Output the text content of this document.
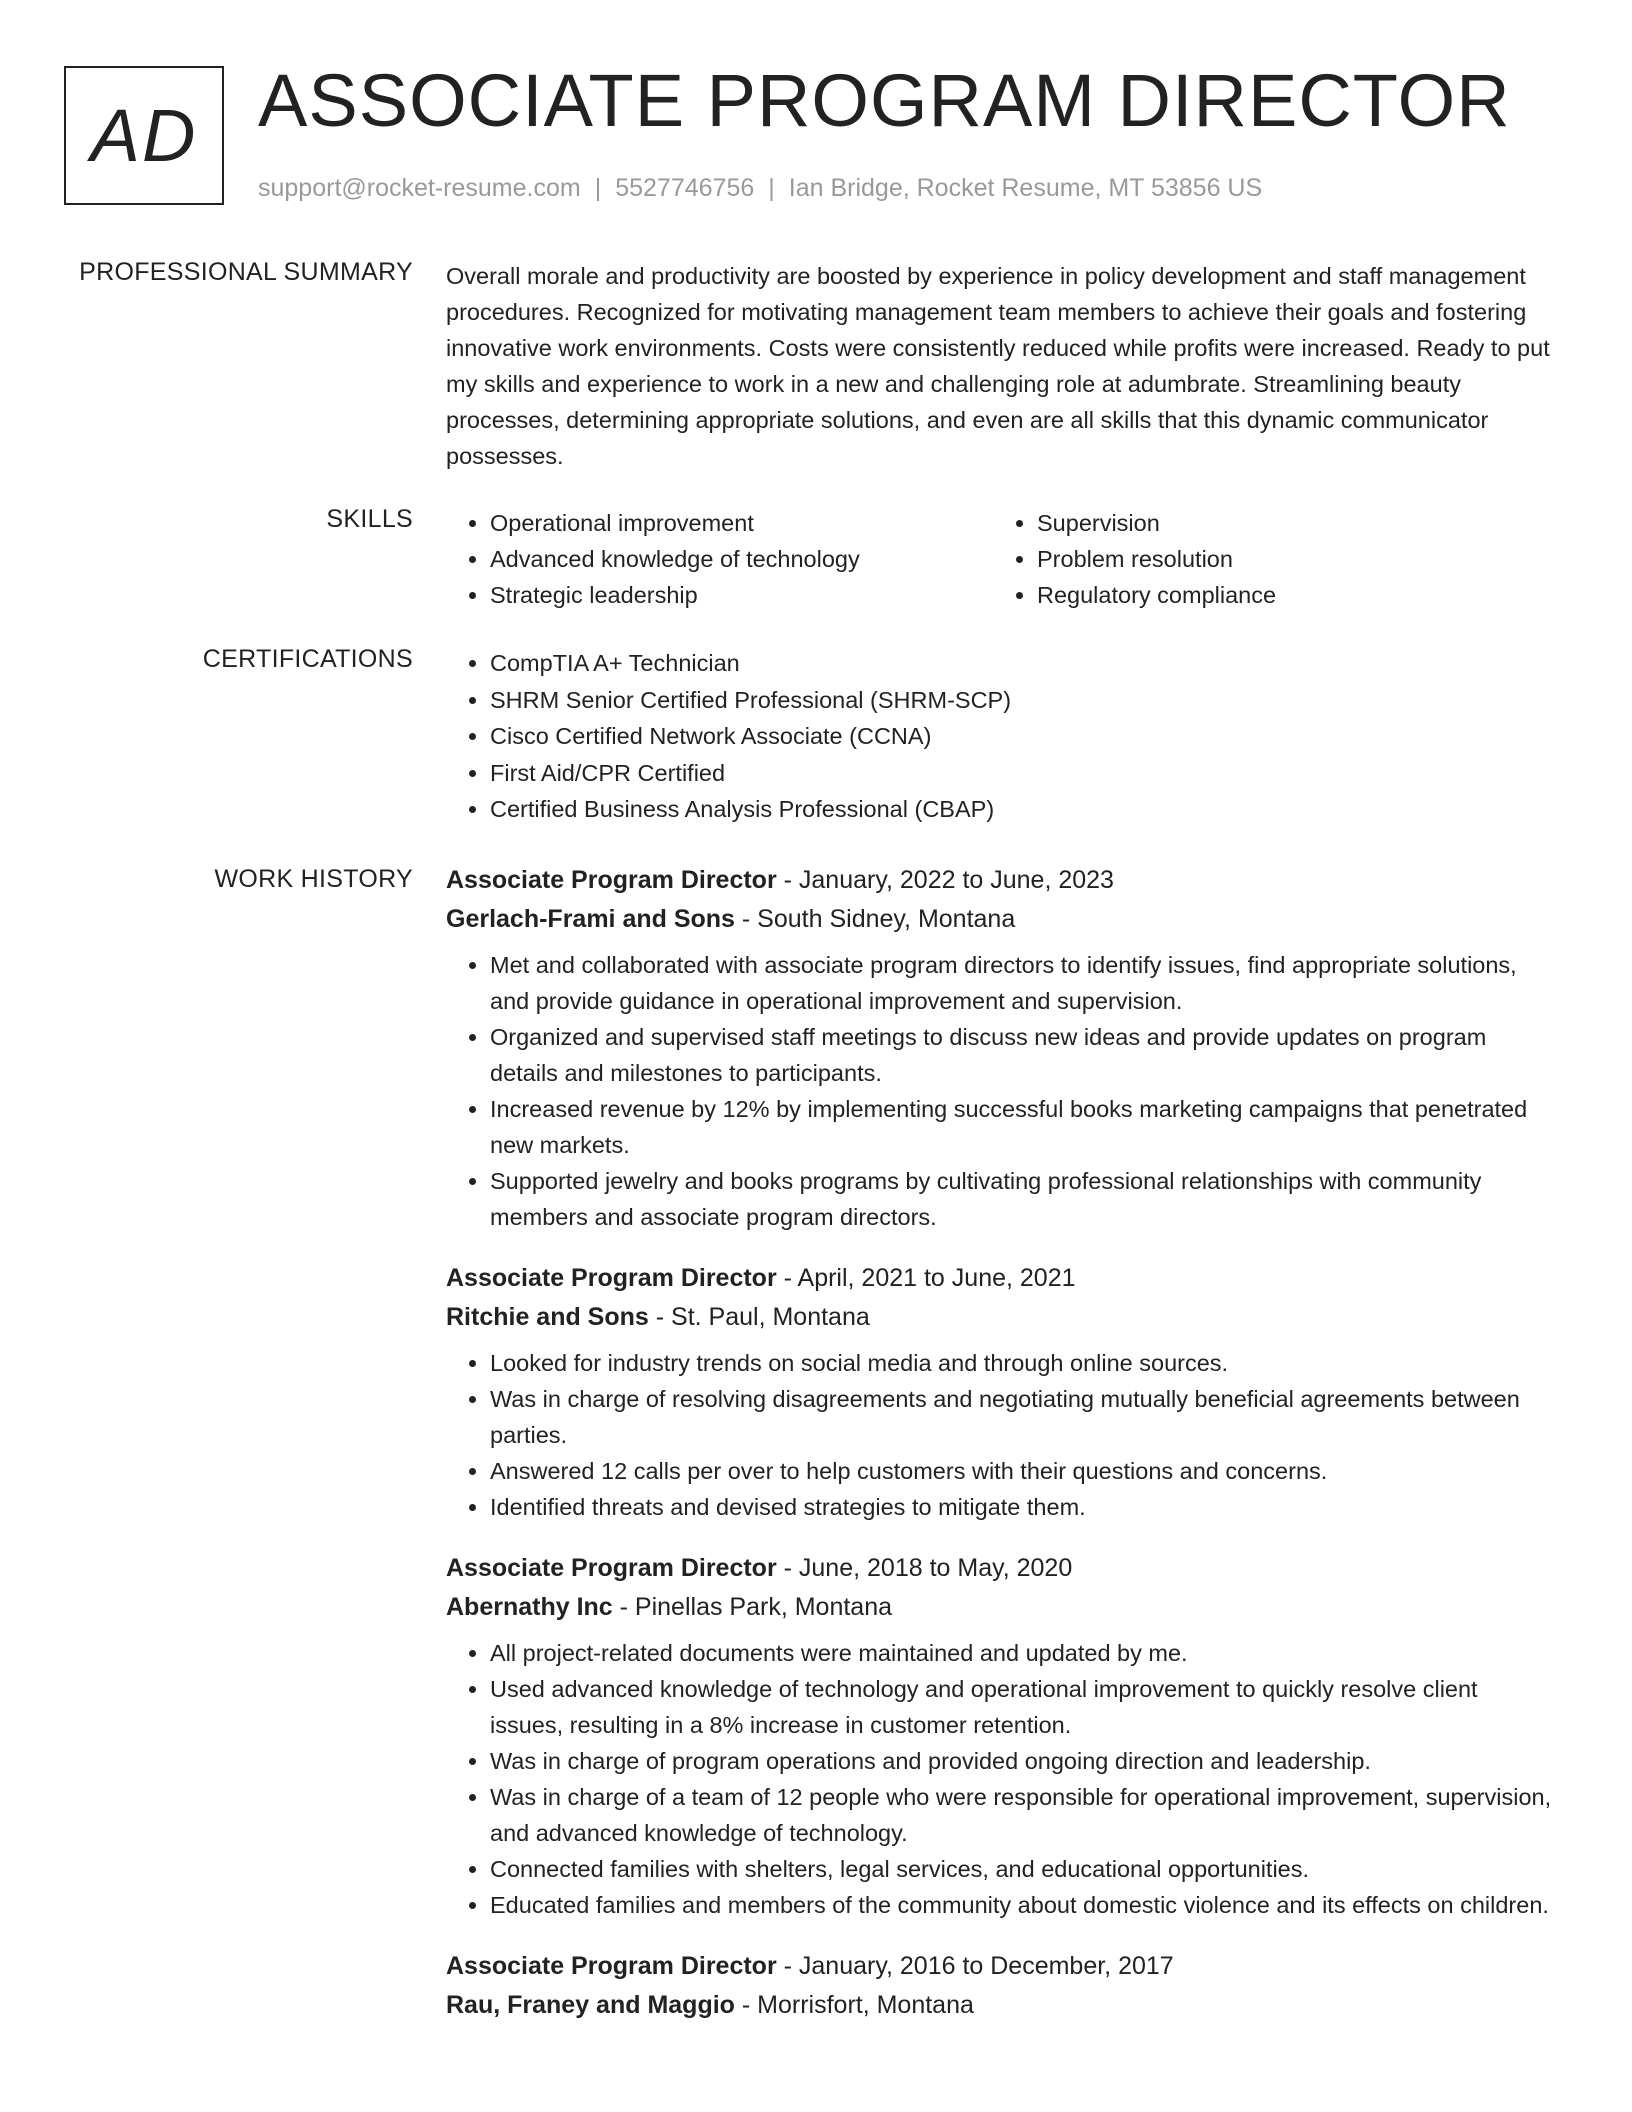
AD ASSOCIATE PROGRAM DIRECTOR
support@rocket-resume.com | 5527746756 | Ian Bridge, Rocket Resume, MT 53856 US
PROFESSIONAL SUMMARY Overall morale and productivity are boosted by experience in policy development and staff management procedures. Recognized for motivating management team members to achieve their goals and fostering innovative work environments. Costs were consistently reduced while profits were increased. Ready to put my skills and experience to work in a new and challenging role at adumbrate. Streamlining beauty processes, determining appropriate solutions, and even are all skills that this dynamic communicator possesses.

SKILLS	• Operational improvement
• Advanced knowledge of technology
• Strategic leadership
• Supervision
• Problem resolution
• Regulatory compliance
CERTIFICATIONS	• CompTIA A+ Technician
• SHRM Senior Certified Professional (SHRM-SCP)
• Cisco Certified Network Associate (CCNA)
• First Aid/CPR Certified
• Certified Business Analysis Professional (CBAP)
WORK HISTORY Associate Program Director - January, 2022 to June, 2023
Gerlach-Frami and Sons - South Sidney, Montana
• Met and collaborated with associate program directors to identify issues, find appropriate solutions, and provide guidance in operational improvement and supervision.
• Organized and supervised staff meetings to discuss new ideas and provide updates on program details and milestones to participants.
• Increased revenue by 12% by implementing successful books marketing campaigns that penetrated new markets.
• Supported jewelry and books programs by cultivating professional relationships with community members and associate program directors.
Associate Program Director - April, 2021 to June, 2021
Ritchie and Sons - St. Paul, Montana
• Looked for industry trends on social media and through online sources.
• Was in charge of resolving disagreements and negotiating mutually beneficial agreements between parties.
• Answered 12 calls per over to help customers with their questions and concerns.
• Identified threats and devised strategies to mitigate them.
Associate Program Director - June, 2018 to May, 2020
Abernathy Inc - Pinellas Park, Montana
• All project-related documents were maintained and updated by me.
• Used advanced knowledge of technology and operational improvement to quickly resolve client issues, resulting in a 8% increase in customer retention.
• Was in charge of program operations and provided ongoing direction and leadership.
• Was in charge of a team of 12 people who were responsible for operational improvement, supervision, and advanced knowledge of technology.
• Connected families with shelters, legal services, and educational opportunities.
• Educated families and members of the community about domestic violence and its effects on children.
Associate Program Director - January, 2016 to December, 2017
Rau, Franey and Maggio - Morrisfort, Montana
